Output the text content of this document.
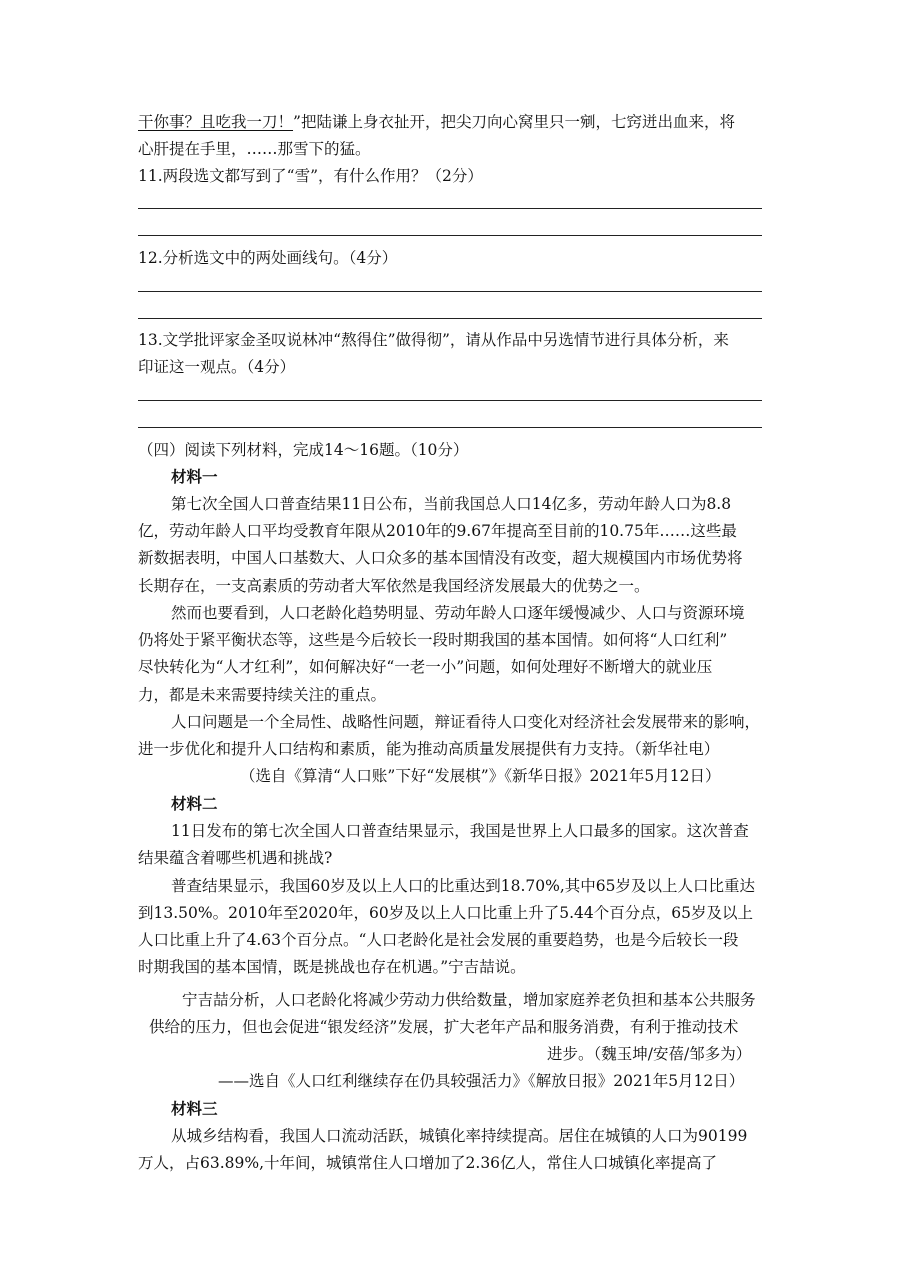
干你事？且吃我一刀！”把陆谦上身衣扯开，把尖刀向心窝里只一剜，七窍迸出血来，将
心肝提在手里，……那雪下的猛。
11.两段选文都写到了“雪”，有什么作用？（2分）
12.分析选文中的两处画线句。（4分）
13.文学批评家金圣叹说林冲“熬得住”做得彻”，请从作品中另选情节进行具体分析，来
印证这一观点。（4分）
（四）阅读下列材料，完成14～16题。（10分）
材料一
第七次全国人口普查结果11日公布，当前我国总人口14亿多，劳动年龄人口为8.8
亿，劳动年龄人口平均受教育年限从2010年的9.67年提高至目前的10.75年……这些最
新数据表明，中国人口基数大、人口众多的基本国情没有改变，超大规模国内市场优势将
长期存在，一支高素质的劳动者大军依然是我国经济发展最大的优势之一。
然而也要看到，人口老龄化趋势明显、劳动年龄人口逐年缓慢减少、人口与资源环境
仍将处于紧平衡状态等，这些是今后较长一段时期我国的基本国情。如何将“人口红利”
尽快转化为“人才红利”，如何解决好“一老一小”问题，如何处理好不断增大的就业压
力，都是未来需要持续关注的重点。
人口问题是一个全局性、战略性问题，辩证看待人口变化对经济社会发展带来的影响，
进一步优化和提升人口结构和素质，能为推动高质量发展提供有力支持。（新华社电）
（选自《算清“人口账”下好“发展棋”》《新华日报》2021年5月12日）
材料二
11日发布的第七次全国人口普查结果显示，我国是世界上人口最多的国家。这次普查
结果蕴含着哪些机遇和挑战?
普查结果显示，我国60岁及以上人口的比重达到18.70%,其中65岁及以上人口比重达
到13.50%。2010年至2020年，60岁及以上人口比重上升了5.44个百分点，65岁及以上
人口比重上升了4.63个百分点。“人口老龄化是社会发展的重要趋势，也是今后较长一段
时期我国的基本国情，既是挑战也存在机遇。”宁吉喆说。
宁吉喆分析，人口老龄化将减少劳动力供给数量，增加家庭养老负担和基本公共服务
供给的压力，但也会促进“银发经济”发展，扩大老年产品和服务消费，有利于推动技术
进步。（魏玉坤/安蓓/邹多为）
——选自《人口红利继续存在仍具较强活力》《解放日报》2021年5月12日）
材料三
从城乡结构看，我国人口流动活跃，城镇化率持续提高。居住在城镇的人口为90199
万人，占63.89%,十年间，城镇常住人口增加了2.36亿人，常住人口城镇化率提高了
